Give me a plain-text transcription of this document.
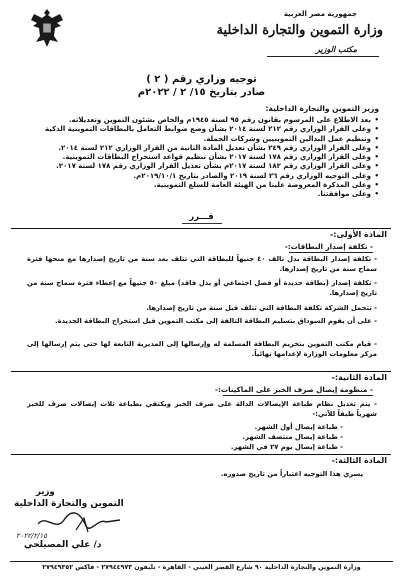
جمهورية مصر العربية
وزارة التموين والتجارة الداخلية
مكتب الوزير
توجيه وزاري رقم ( ٢ )
صادر بتاريخ ١٥/ ٢ / ٢٠٢٢م
وزير التموين والتجارة الداخلية:
• بعد الاطلاع على المرسوم بقانون رقم ٩٥ لسنة ١٩٤٥م والخاص بشئون التموين وتعديلاته.
• وعلى القرار الوزاري رقم ٢١٢ لسنة ٢٠١٤ بشأن وضع ضوابط التعامل بالبطاقات التموينية الذكية
• وتنظيم عمل البدالين التموينيين وشركات الجملة.
• وعلى القرار الوزاري رقم ٢٤٩ بشأن تعديل المادة الثانية من القرار الوزاري ٢١٢ لسنة ٢٠١٤.
• وعلى القرار الوزاري رقم ١٧٨ لسنة ٢٠١٧ بشأن تنظيم قواعد استخراج البطاقات التموينية.
• وعلى القرار الوزاري رقم ١٨٢ لسنة ٢٠١٧م بشأن تعديل القرار الوزاري رقم ١٧٨ لسنة ٢٠١٧.
• وعلى التوجيه الوزاري رقم ٢٦ لسنة ٢٠١٩ والصادر بتاريخ ٢٠١٩/١٠/١م.
• وعلى المذكرة المعروضة علينا من الهيئة العامة للسلع التموينية.
• وعلى موافقتنا.
قـــرر
المادة الأولى:-
- تكلفة إصدار البطاقات:-
- تكلفة إصدار البطاقة بدل تالف ٤٠ جنيهاً للبطاقة التي تتلف بعد سنة من تاريخ إصدارها مع منحها فترة سماح سنة من تاريخ إصدارها.
- تكلفة إصدار (بطاقة جديدة أو فصل اجتماعي أو بدل فاقد) مبلغ ٥٠ جنيهاً مع إعطاء فترة سماح سنة من تاريخ إصدارها.
- تتحمل الشركة تكلفة البطاقة التي تتلف قبل سنة من تاريخ إصدارها.
- على أن يقوم السوداق بتسليم البطاقة التالفة إلى مكتب التموين قبل استخراج البطاقة الجديدة.
- قيام مكتب التموين بتخريم البطاقة المسلمة له وإرسالها إلى المديرية التابعة لها حتى يتم إرسالها إلى مركز معلومات الوزارة لإعدامها نهائياً.
المادة الثانية:-
- منظومة إيصال صرف الخبز على الماكينات:-
- يتم تعديل نظام طباعة الإيصالات الدالة على صرف الخبز ويكتفي بطباعة ثلاث إيصالات صرف للخبز شهرياً طبقاً للآتي:-
- طباعة إيصال أول الشهر.
- طباعة إيصال منتصف الشهر.
- طباعة إيصال يوم ٢٧ في الشهر.
المادة الثالثة:-
يسري هذا التوجيه اعتباراً من تاريخ صدوره.
وزير
التموين والتجارة الداخلية
٢٠٢٢/٢/١٥
د/ علي المصيلحي
وزارة التموين والتجارة الداخلية ٩٠ شارع القصر العيني - القاهرة - تليفون ٢٧٩٤٤٩٧٣ - فاكس ٢٧٩٤٩٣٥٢
